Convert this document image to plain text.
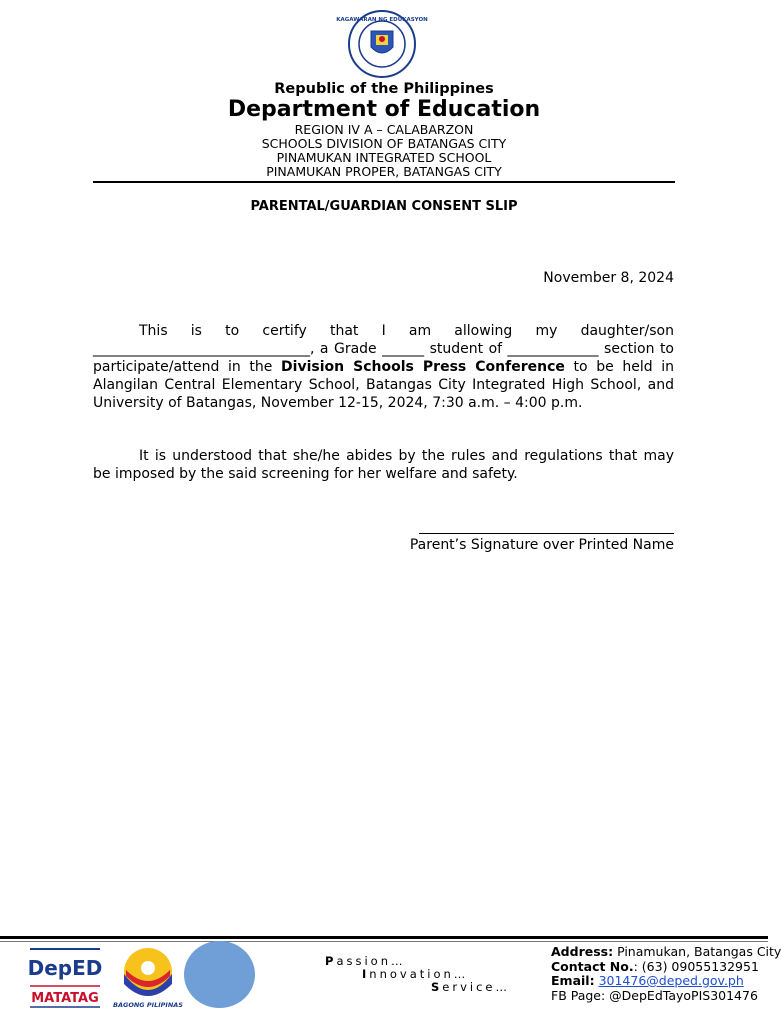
KAGAWARAN NG EDUKASYON
Republic of the Philippines
Department of Education
REGION IV A – CALABARZON
SCHOOLS DIVISION OF BATANGAS CITY
PINAMUKAN INTEGRATED SCHOOL
PINAMUKAN PROPER, BATANGAS CITY
PARENTAL/GUARDIAN CONSENT SLIP
November 8, 2024
This is to certify that I am allowing my daughter/son _______________________________, a Grade ______ student of _____________ section to participate/attend in the Division Schools Press Conference to be held in Alangilan Central Elementary School, Batangas City Integrated High School, and University of Batangas, November 12-15, 2024, 7:30 a.m. – 4:00 p.m.
It is understood that she/he abides by the rules and regulations that may be imposed by the said screening for her welfare and safety.
Parent’s Signature over Printed Name
DepED
MATATAG BAGONG PILIPINAS
Passion…
Innovation…
Service…
Address: Pinamukan, Batangas City
Contact No.: (63) 09055132951
Email: 301476@deped.gov.ph
FB Page: @DepEdTayoPIS301476
